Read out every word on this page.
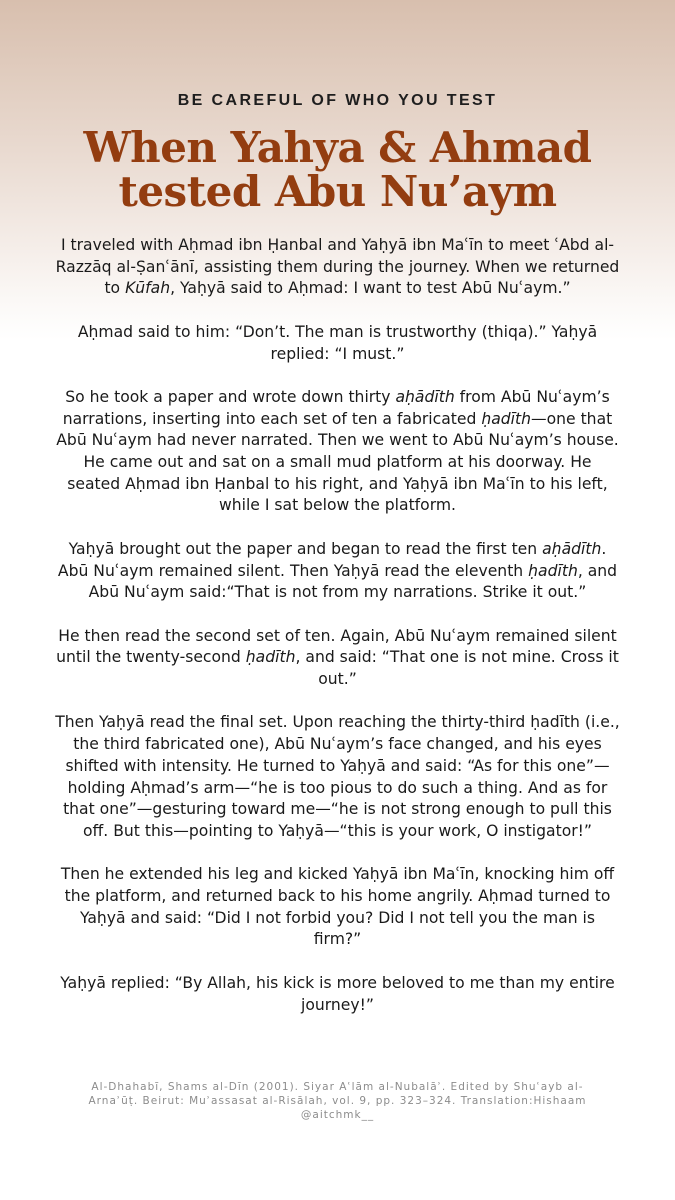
BE CAREFUL OF WHO YOU TEST
When Yahya & Ahmad
tested Abu Nu’aym

I traveled with Aḥmad ibn Ḥanbal and Yaḥyā ibn Maʿīn to meet ʿAbd al-Razzāq al-Ṣanʿānī, assisting them during the journey. When we returned to Kūfah, Yaḥyā said to Aḥmad: I want to test Abū Nuʿaym.”

Aḥmad said to him: “Don’t. The man is trustworthy (thiqa).” Yaḥyā replied: “I must.”

So he took a paper and wrote down thirty aḥādīth from Abū Nuʿaym’s narrations, inserting into each set of ten a fabricated ḥadīth—one that Abū Nuʿaym had never narrated. Then we went to Abū Nuʿaym’s house. He came out and sat on a small mud platform at his doorway. He seated Aḥmad ibn Ḥanbal to his right, and Yaḥyā ibn Maʿīn to his left, while I sat below the platform.

Yaḥyā brought out the paper and began to read the first ten aḥādīth. Abū Nuʿaym remained silent. Then Yaḥyā read the eleventh ḥadīth, and Abū Nuʿaym said:“That is not from my narrations. Strike it out.”

He then read the second set of ten. Again, Abū Nuʿaym remained silent until the twenty-second ḥadīth, and said: “That one is not mine. Cross it out.”

Then Yaḥyā read the final set. Upon reaching the thirty-third ḥadīth (i.e., the third fabricated one), Abū Nuʿaym’s face changed, and his eyes shifted with intensity. He turned to Yaḥyā and said: “As for this one”—holding Aḥmad’s arm—“he is too pious to do such a thing. And as for that one”—gesturing toward me—“he is not strong enough to pull this off. But this—pointing to Yaḥyā—“this is your work, O instigator!”

Then he extended his leg and kicked Yaḥyā ibn Maʿīn, knocking him off the platform, and returned back to his home angrily. Aḥmad turned to Yaḥyā and said: “Did I not forbid you? Did I not tell you the man is firm?”

Yaḥyā replied: “By Allah, his kick is more beloved to me than my entire journey!”

Al-Dhahabī, Shams al-Dīn (2001). Siyar Aʿlām al-Nubalāʾ. Edited by Shuʿayb al-Arnaʾūṭ. Beirut: Muʾassasat al-Risālah, vol. 9, pp. 323–324. Translation:Hishaam @aitchmk__
